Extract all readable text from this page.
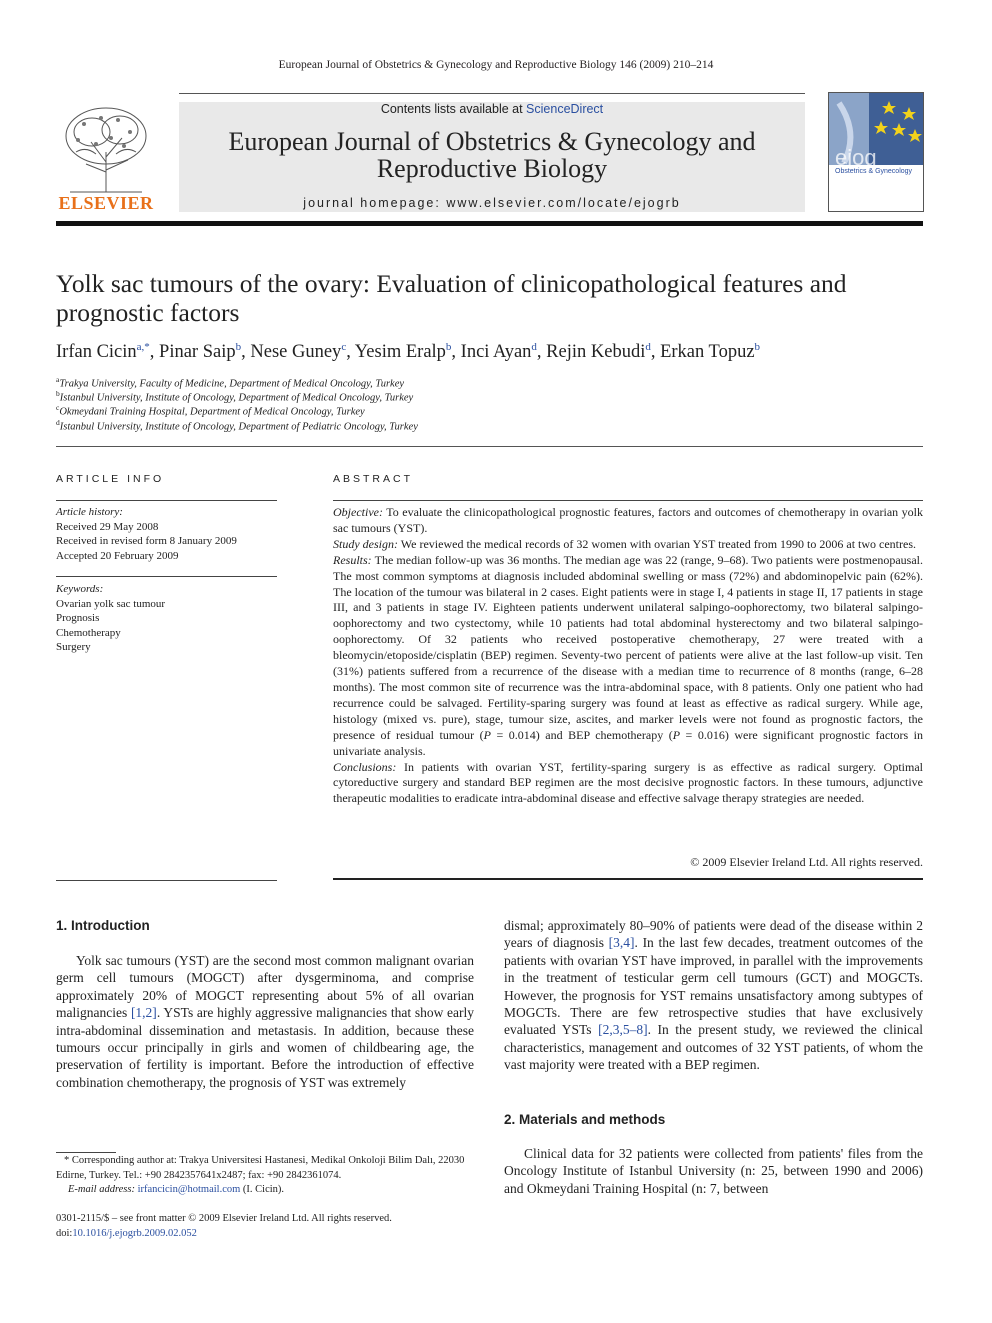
European Journal of Obstetrics & Gynecology and Reproductive Biology 146 (2009) 210–214
ELSEVIER
Contents lists available at ScienceDirect
European Journal of Obstetrics & Gynecology and
Reproductive Biology
journal homepage: www.elsevier.com/locate/ejogrb
ejog
Obstetrics & Gynecology
Yolk sac tumours of the ovary: Evaluation of clinicopathological features and
prognostic factors
Irfan Cicin$^{a,*}$, Pinar Saip$^b$, Nese Guney$^c$, Yesim Eralp$^b$, Inci Ayan$^d$, Rejin Kebudi$^d$, Erkan Topuz$^b$
$^a$Trakya University, Faculty of Medicine, Department of Medical Oncology, Turkey
$^b$Istanbul University, Institute of Oncology, Department of Medical Oncology, Turkey
$^c$Okmeydani Training Hospital, Department of Medical Oncology, Turkey
$^d$Istanbul University, Institute of Oncology, Department of Pediatric Oncology, Turkey
ARTICLE INFO
Article history:
Received 29 May 2008
Received in revised form 8 January 2009
Accepted 20 February 2009
Keywords:
Ovarian yolk sac tumour
Prognosis
Chemotherapy
Surgery
ABSTRACT

Objective: To evaluate the clinicopathological prognostic features, factors and outcomes of chemotherapy in ovarian yolk sac tumours (YST).

Study design: We reviewed the medical records of 32 women with ovarian YST treated from 1990 to 2006 at two centres.

Results: The median follow-up was 36 months. The median age was 22 (range, 9–68). Two patients were postmenopausal. The most common symptoms at diagnosis included abdominal swelling or mass (72%) and abdominopelvic pain (62%). The location of the tumour was bilateral in 2 cases. Eight patients were in stage I, 4 patients in stage II, 17 patients in stage III, and 3 patients in stage IV. Eighteen patients underwent unilateral salpingo-oophorectomy, two bilateral salpingo-oophorectomy and two cystectomy, while 10 patients had total abdominal hysterectomy and two bilateral salpingo-oophorectomy. Of 32 patients who received postoperative chemotherapy, 27 were treated with a bleomycin/etoposide/cisplatin (BEP) regimen. Seventy-two percent of patients were alive at the last follow-up visit. Ten (31%) patients suffered from a recurrence of the disease with a median time to recurrence of 8 months (range, 6–28 months). The most common site of recurrence was the intra-abdominal space, with 8 patients. Only one patient who had recurrence could be salvaged. Fertility-sparing surgery was found at least as effective as radical surgery. While age, histology (mixed vs. pure), stage, tumour size, ascites, and marker levels were not found as prognostic factors, the presence of residual tumour (P = 0.014) and BEP chemotherapy (P = 0.016) were significant prognostic factors in univariate analysis.

Conclusions: In patients with ovarian YST, fertility-sparing surgery is as effective as radical surgery. Optimal cytoreductive surgery and standard BEP regimen are the most decisive prognostic factors. In these tumours, adjunctive therapeutic modalities to eradicate intra-abdominal disease and effective salvage therapy strategies are needed.

© 2009 Elsevier Ireland Ltd. All rights reserved.
1. Introduction

Yolk sac tumours (YST) are the second most common malignant ovarian germ cell tumours (MOGCT) after dysgerminoma, and comprise approximately 20% of MOGCT representing about 5% of all ovarian malignancies [1,2]. YSTs are highly aggressive malignancies that show early intra-abdominal dissemination and metastasis. In addition, because these tumours occur principally in girls and women of childbearing age, the preservation of fertility is important. Before the introduction of effective combination chemotherapy, the prognosis of YST was extremely

* Corresponding author at: Trakya Universitesi Hastanesi, Medikal Onkoloji Bilim Dalı, 22030 Edirne, Turkey. Tel.: +90 2842357641x2487; fax: +90 2842361074.
E-mail address: irfancicin@hotmail.com (I. Cicin).
0301-2115/$ – see front matter © 2009 Elsevier Ireland Ltd. All rights reserved.
doi:10.1016/j.ejogrb.2009.02.052

dismal; approximately 80–90% of patients were dead of the disease within 2 years of diagnosis [3,4]. In the last few decades, treatment outcomes of the patients with ovarian YST have improved, in parallel with the improvements in the treatment of testicular germ cell tumours (GCT) and MOGCTs. However, the prognosis for YST remains unsatisfactory among subtypes of MOGCTs. There are few retrospective studies that have exclusively evaluated YSTs [2,3,5–8]. In the present study, we reviewed the clinical characteristics, management and outcomes of 32 YST patients, of whom the vast majority were treated with a BEP regimen.

2. Materials and methods

Clinical data for 32 patients were collected from patients' files from the Oncology Institute of Istanbul University (n: 25, between 1990 and 2006) and Okmeydani Training Hospital (n: 7, between
